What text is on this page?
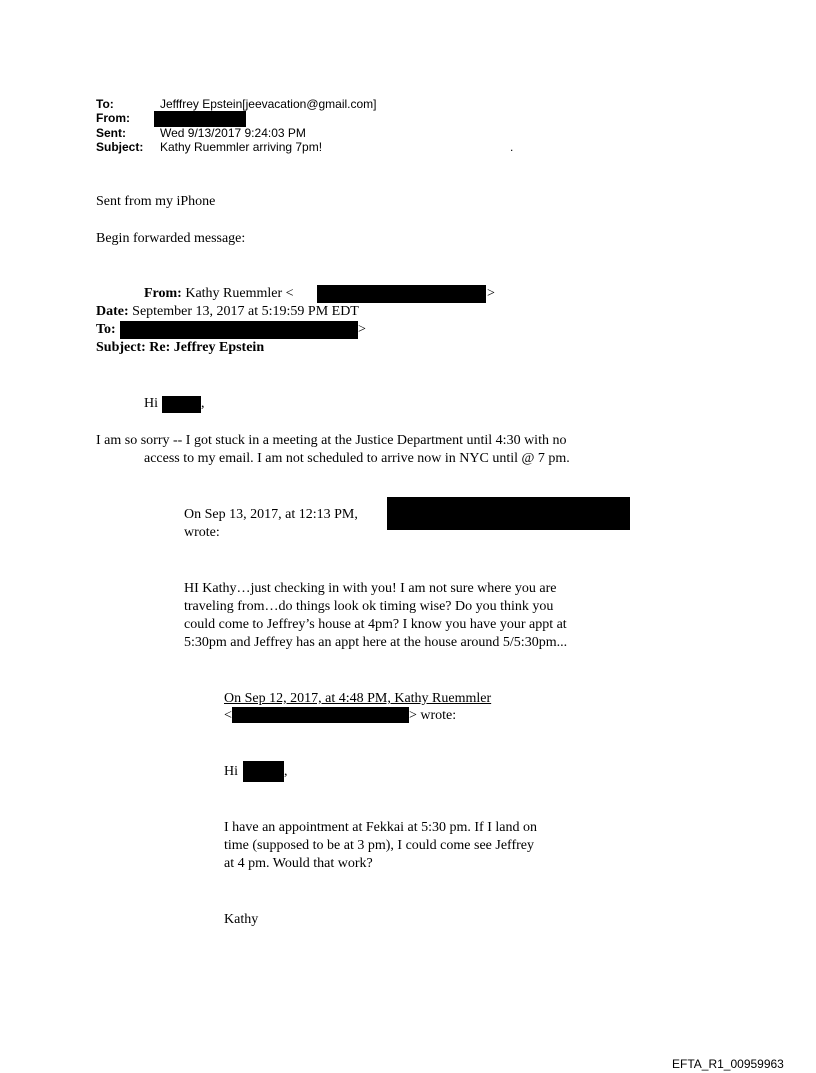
To:	Jefffrey Epstein[jeevacation@gmail.com]
From:
Sent:	Wed 9/13/2017 9:24:03 PM
Subject: Kathy Ruemmler arriving 7pm!	.
Sent from my iPhone
Begin forwarded message:
From: Kathy Ruemmler <	>
Date: September 13, 2017 at 5:19:59 PM EDT
To:	>
Subject: Re: Jeffrey Epstein
Hi	,
I am so sorry -- I got stuck in a meeting at the Justice Department until 4:30 with no
access to my email. I am not scheduled to arrive now in NYC until @ 7 pm.
On Sep 13, 2017, at 12:13 PM,
wrote:
HI Kathy…just checking in with you! I am not sure where you are
traveling from…do things look ok timing wise? Do you think you
could come to Jeffrey’s house at 4pm? I know you have your appt at
5:30pm and Jeffrey has an appt here at the house around 5/5:30pm...
On Sep 12, 2017, at 4:48 PM, Kathy Ruemmler
<	> wrote:
Hi	,
I have an appointment at Fekkai at 5:30 pm. If I land on
time (supposed to be at 3 pm), I could come see Jeffrey
at 4 pm. Would that work?
Kathy
EFTA_R1_00959963
